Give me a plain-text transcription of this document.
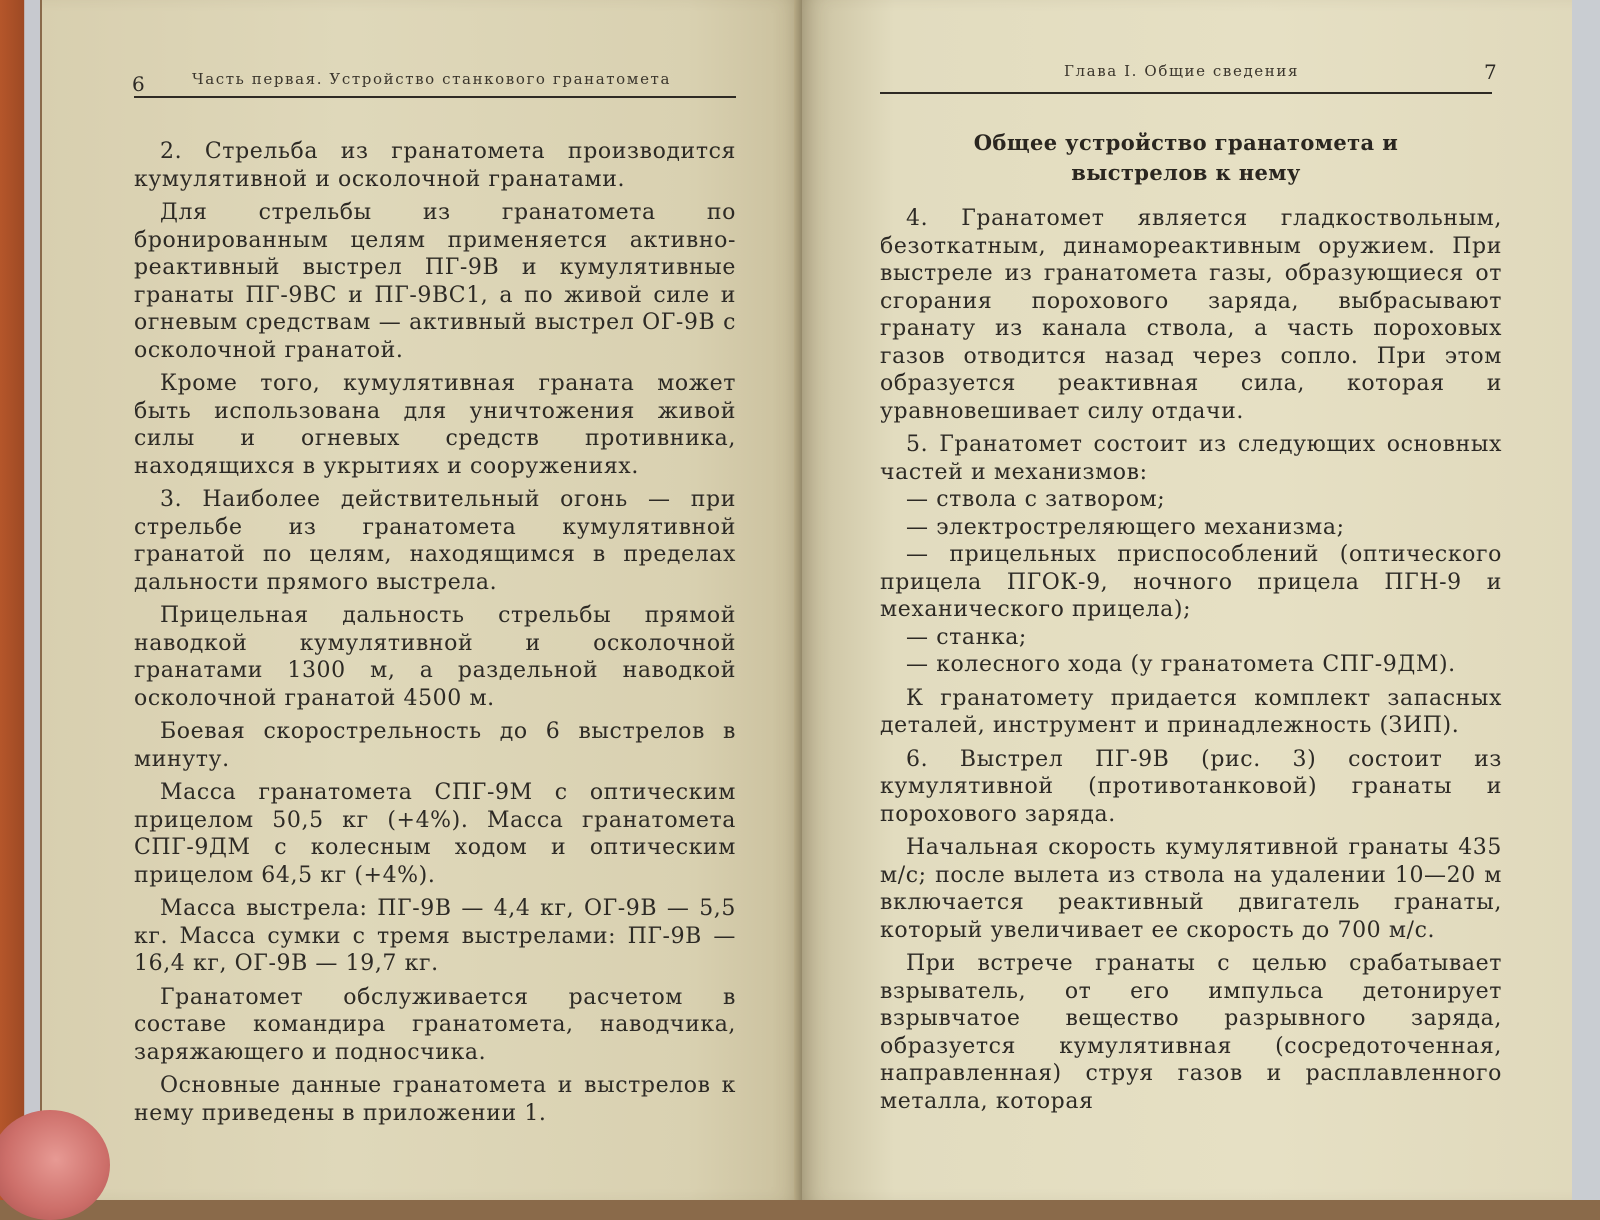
6	Часть первая. Устройство станкового гранатомета

2. Стрельба из гранатомета производится кумулятивной и осколочной гранатами.

Для стрельбы из гранатомета по бронированным целям применяется активно-реактивный выстрел ПГ-9В и кумулятивные гранаты ПГ-9ВС и ПГ-9ВС1, а по живой силе и огневым средствам — активный выстрел ОГ-9В с осколочной гранатой.

Кроме того, кумулятивная граната может быть использована для уничтожения живой силы и огневых средств противника, находящихся в укрытиях и сооружениях.

3. Наиболее действительный огонь — при стрельбе из гранатомета кумулятивной гранатой по целям, находящимся в пределах дальности прямого выстрела.

Прицельная дальность стрельбы прямой наводкой кумулятивной и осколочной гранатами 1300 м, а раздельной наводкой осколочной гранатой 4500 м.

Боевая скорострельность до 6 выстрелов в минуту.

Масса гранатомета СПГ-9М с оптическим прицелом 50,5 кг (+4%). Масса гранатомета СПГ-9ДМ с колесным ходом и оптическим прицелом 64,5 кг (+4%).

Масса выстрела: ПГ-9В — 4,4 кг, ОГ-9В — 5,5 кг. Масса сумки с тремя выстрелами: ПГ-9В — 16,4 кг, ОГ-9В — 19,7 кг.

Гранатомет обслуживается расчетом в составе командира гранатомета, наводчика, заряжающего и подносчика.

Основные данные гранатомета и выстрелов к нему приведены в приложении 1.

Глава I. Общие сведения	7
Общее устройство гранатомета и
выстрелов к нему

4. Гранатомет является гладкоствольным, безоткатным, динамореактивным оружием. При выстреле из гранатомета газы, образующиеся от сгорания порохового заряда, выбрасывают гранату из канала ствола, а часть пороховых газов отводится назад через сопло. При этом образуется реактивная сила, которая и уравновешивает силу отдачи.

5. Гранатомет состоит из следующих основных частей и механизмов:

— ствола с затвором;
— электростреляющего механизма;
— прицельных приспособлений (оптического прицела ПГОК-9, ночного прицела ПГН-9 и механического прицела);
— станка;
— колесного хода (у гранатомета СПГ-9ДМ).

К гранатомету придается комплект запасных деталей, инструмент и принадлежность (ЗИП).

6. Выстрел ПГ-9В (рис. 3) состоит из кумулятивной (противотанковой) гранаты и порохового заряда.

Начальная скорость кумулятивной гранаты 435 м/с; после вылета из ствола на удалении 10—20 м включается реактивный двигатель гранаты, который увеличивает ее скорость до 700 м/с.

При встрече гранаты с целью срабатывает взрыватель, от его импульса детонирует взрывчатое вещество разрывного заряда, образуется кумулятивная (сосредоточенная, направленная) струя газов и расплавленного металла, которая
